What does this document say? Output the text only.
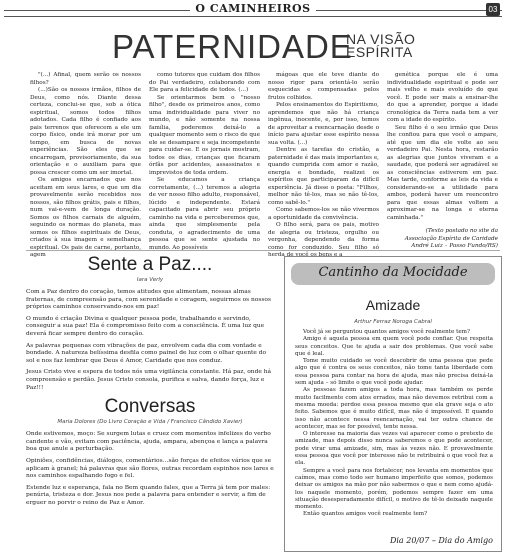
O CAMINHEIROS	03
PATERNIDADE
NA VISÃO
ESPÍRITA

"(...) Afinal, quem serão os nossos filhos?

(...)São os nossos irmãos, filhos de Deus, como nós. Diante dessa certeza, conclui-se que, sob a ótica espiritual, somos todos filhos adotados. Cada filho é confiado aos pais terrenos que oferecem a ele um corpo físico, onde irá morar por um tempo, em busca de novas experiências. São eles que se encarregam, provisoriamente, da sua orientação e o auxiliam para que possa crescer como um ser imortal.

Os amigos encarnados que nos aceitam em seus lares, e que um dia provavelmente serão recebidos nos nossos, são filhos grátis, pais e filhos, num vai-e-vem de longa duração. Somos os filhos carnais de alguém, seguindo os normas do planeta, mas somos os filhos espirituais de Deus, criados à sua imagem e semelhança espiritual. Os pais de carne, portanto, agem

como tutores que cuidam dos filhos do Pai verdadeiro, colaborando com Ele para a felicidade de todos. (...)

Se orientarmos bem o "nosso filho", desde os primeiros anos, como uma individualidade para viver no mundo, e não somente na nossa família, poderemos deixá-lo a qualquer momento sem o risco de que ele se desampare e seja incompetente para cuidar-se. E os jornais mostram, todos os dias, crianças que ficaram órfãs por acidentes, assassinatos e imprevistos de toda ordem.

Se educamos a criança corretamente, (...) teremos a alegria de ver nosso filho adulto, responsável, lúcido e independente. Estará capacitado para abrir seu próprio caminho na vida e perceberemos que, ainda que simplesmente pela conduta, o agradecimento de uma pessoa que se sente ajustada no mundo. Ao possíveis

mágoas que ele teve diante do nosso rigor para orientá-lo serão esquecidas e compensadas pelos frutos colhidos.

Pelos ensinamentos do Espiritismo, aprendemos que não há criança ingênua, inocente, e, por isso, temos de aproveitar a reencarnação desde o início para ajustar esse espírito nessa sua volta. (...)

Dentre as tarefas do cristão, a paternidade é das mais importantes e, quando cumprida com amor e razão, energia e bondade, realizei os espíritos que participaram da difícil experiência. Já disse o poeta: "Filhos, melhor não tê-los, mas se não tê-los, como sabê-lo."

Como sabemos-los se não vivermos a oportunidade da convivência.

O filho será, para os pais, motivo de alegria ou tristeza, orgulho ou vergonha, dependendo da forma como for conduzido. Seu filho só herda de você os bens e a

genética porque ele é uma individualidade espiritual e pode ser mais velho e mais evoluído do que você. E pode ser mais a ensinar-lhe do que a aprender, porque a idade cronológica da Terra nada tem a ver com a idade do espírito.

Seu filho é o seu irmão que Deus lhe confiou para que você o ampare, até que um dia ele volte ao seu verdadeiro Pai. Nesta hora, restarão as alegrias que juntos viveram e a saudade, que poderá ser agradável se as consciências estiverem em paz. Mas tarde, conforme as leis da vida e considerando-se a utilidade para ambos, poderá haver um reencontro para que essas almas voltem a aproximar-se na longa e eterna caminhada."

(Texto postado no site da
Associação Espírita de Caridade
André Luiz – Passo Fundo/RS)
Sente a Paz....
Iara Verly

Com a Paz dentro do coração, temos atitudes que alimentam, nossas almas fraternas, de compreensão para, com serenidade e coragem, seguirmos os nossos próprios caminhos conservando-nos em paz!

O mundo é criação Divina e qualquer pessoa pode, trabalhando e servindo, conseguir a sua paz! Ela é compromisso feito com a consciência. É uma luz que deverá ficar sempre dentro do coração.

As palavras pequenas com vibrações de paz, envolvem cada dia com vontade e bondade. A natureza belíssima desfila como painel de luz com o olhar quente do sol e nos faz lembrar que Deus é Amor, Caridade que nos conduz.

Jesus Cristo vive e espera de todos nós uma vigilância constante. Há paz, onde há compreensão e perdão. Jesus Cristo consola, purifica e salva, dando força, luz e Paz!!!

Conversas
Maria Dolores (Do Livro Coração e Vida / Francisco Cândido Xavier)

Onde estivemos, moço: Se surgem lutas e cruez com momentos infelizes do verbo candente e vão, evitam com paciência, ajuda, ampara, abençoa e lança a palavra boa que anule a perturbação.

Opiniões, confidências, diálogos, comentários…são forças de efeitos vários que se aplicam à granel; há palavras que são flores, outras recordam espinhos nos lares e nos caminhos espalhando fogo e fel.

Estende luz e esperança, fala no Bem quando fales, que a Terra já tem por males: penúria, tristeza e dor. Jesus nos pede a palavra para entender e servir, a fim de erguer no porvir o reino de Paz e Amor.

Cantinho da Mocidade
Amizade
Arthur Ferraz Noroga Cabral

Você já se perguntou quantos amigos você realmente tem?

Amigo é aquela pessoa em quem você pode confiar. Que respeita seus conceitos. Que te ajuda a sair dos problemas. Que você sabe que é leal.

Tome muito cuidado se você descobrir de uma pessoa que pede algo que é contra os seus conceitos, não tome tanta liberdade com essa pessoa para contar na hora de ajuda, mas não precisa deixá-la sem ajuda – só limite o que você pode ajudar.

As pessoas fazem amigos a toda hora, mas também os perde muito facilmente com atos errados, mas não devemos retribui com a mesma moeda: perdoe essa pessoa mesmo que ela grave seja o ato feito. Sabemos que é muito difícil, mas não é impossível. E quando isso não acontece nessa reencarnação, vai ter outra chance de acontecer, mas se for possível, tente nessa.

O interesse na maioria das vezes vai aparecer como o pretexto de amizade, mas depois disso nunca saberemos o que pode acontecer, pode virar uma amizade, sim, mas às vezes não. E provavelmente essa pessoa que você por interesse não te retribuirá o que você fez a ela.

Sempre a você para nos fortalecer, nos levanta em momentos que caímos, mas como todo ser humano imperfeito que somos, podemos deixar os amigos na mão por não sabermos o que e nem como ajudá-los naquele momento, porém, podemos sempre fazer em uma situação desesperadamente difícil, o motivo de tê-lo deixado naquele momento.

Então quantos amigos você realmente tem?

Dia 20/07 – Dia do Amigo
